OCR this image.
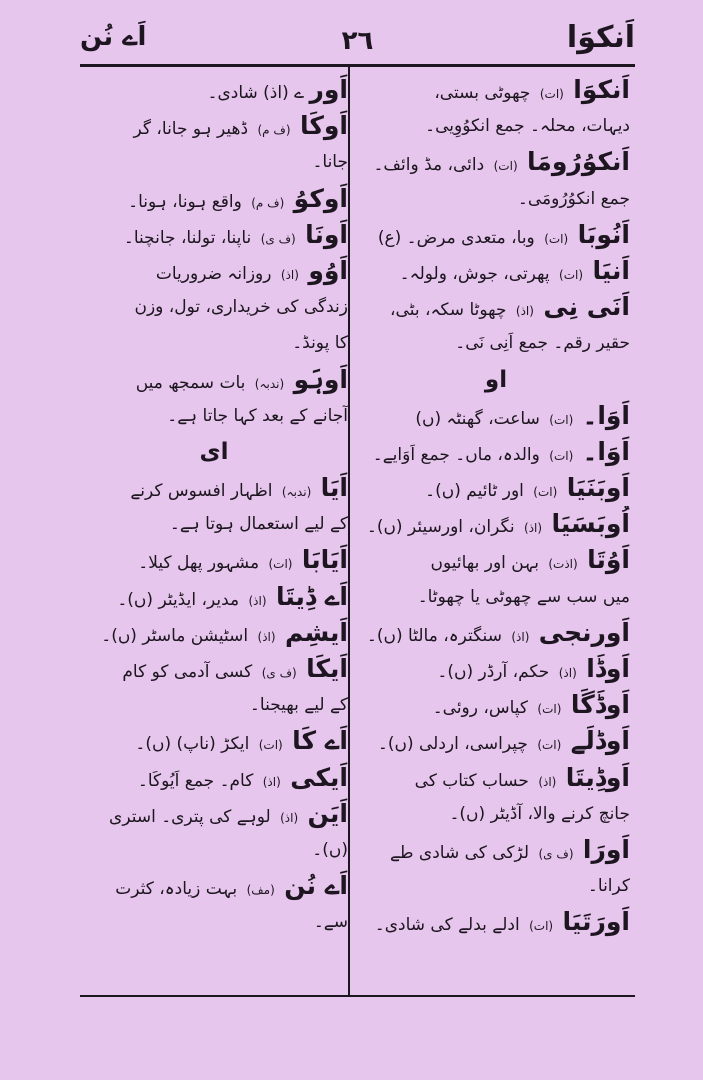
اَنکوَا
٢٦
اَے نُن
اَنکوَا (ات) چھوٹی بستی،
دیہات، محلہ۔ جمع انکوُوِیی۔
اَنکوُرُومَا (ات) دائی، مڈ وائف۔
جمع انکوُرُومَی۔
اَنُوبَا (ات) وبا، متعدی مرض۔ (ع)
اَنیَا (ات) پھرتی، جوش، ولولہ۔
اَنَی نِی (اذ) چھوٹا سکہ، بٹی،
حقیر رقم۔ جمع اَنِی نَی۔
او
اَوَا۔ (ات) ساعت، گھنٹہ (ں)
اَوَا۔ (ات) والدہ، ماں۔ جمع اَوَایے۔
اَوبَنَیَا (ات) اور ٹائیم (ں)۔
اُوبَسَیَا (اذ) نگران، اورسیئر (ں)۔
اَوُتَا (اذت) بہن اور بھائیوں
میں سب سے چھوٹی یا چھوٹا۔
اَورنجی (اذ) سنگترہ، مالٹا (ں)۔
اَوڈَا (اذ) حکم، آرڈر (ں)۔
اَوڈَگَا (ات) کپاس، روئی۔
اَوڈلَے (ات) چپراسی، اردلی (ں)۔
اَوڈِیتَا (اذ) حساب کتاب کی
جانچ کرنے والا، آڈیٹر (ں)۔
اَورَا (ف ی) لڑکی کی شادی طے
کرانا۔
اَورَتَیَا (ات) ادلے بدلے کی شادی۔
اَور ے (اذ) شادی۔
اَوکَا (ف م) ڈھیر ہو جانا، گر
جانا۔
اَوکوُ (ف م) واقع ہونا، ہونا۔
اَونَا (ف ی) ناپنا، تولنا، جانچنا۔
اَوُو (اذ) روزانہ ضروریات
زندگی کی خریداری، تول، وزن
کا پونڈ۔
اَوہَو (ندبہ) بات سمجھ میں
آجانے کے بعد کہا جاتا ہے۔
ای
اَیَا (ندبہ) اظہار افسوس کرنے
کے لیے استعمال ہوتا ہے۔
اَیَابَا (ات) مشہور پھل کیلا۔
اَے ڈِیتَا (اذ) مدیر، ایڈیٹر (ں)۔
اَیشِم (اذ) اسٹیشن ماسٹر (ں)۔
اَیکَا (ف ی) کسی آدمی کو کام
کے لیے بھیجنا۔
اَے کَا (ات) ایکڑ (ناپ) (ں)۔
اَیکی (اذ) کام۔ جمع اَیُوکَا۔
اَیَن (اذ) لوہے کی پتری۔ استری
(ں)۔
اَے نُن (مف) بہت زیادہ، کثرت
سے۔
